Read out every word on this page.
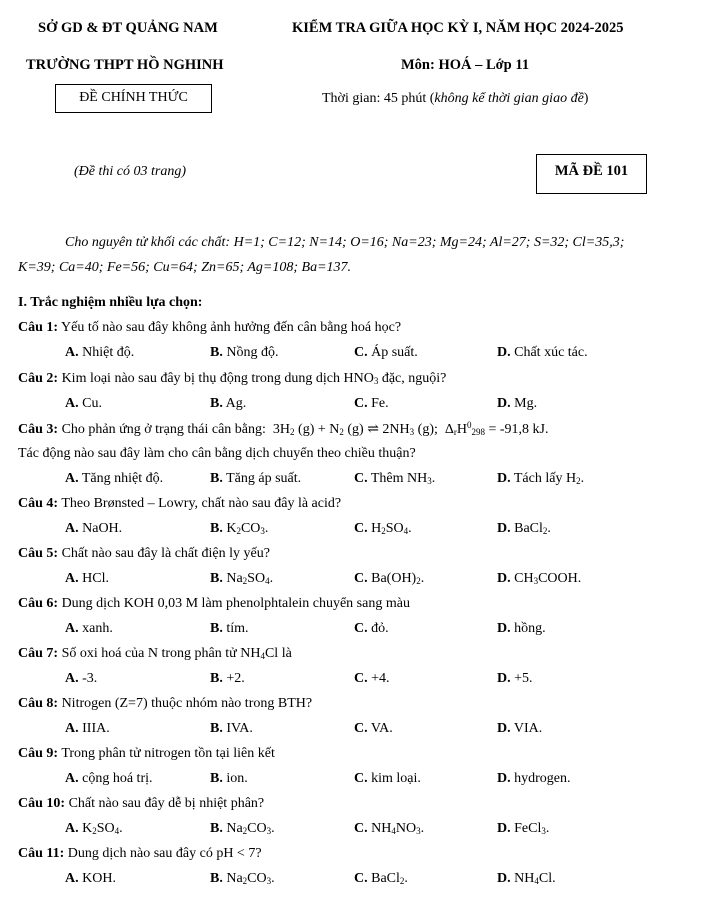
SỞ GD & ĐT QUẢNG NAM	KIỂM TRA GIỮA HỌC KỲ I, NĂM HỌC 2024-2025
TRƯỜNG THPT HỒ NGHINH	Môn: HOÁ – Lớp 11
ĐỀ CHÍNH THỨC	Thời gian: 45 phút (không kể thời gian giao đề)
(Đề thi có 03 trang)	MÃ ĐỀ 101
Cho nguyên tử khối các chất: H=1; C=12; N=14; O=16; Na=23; Mg=24; Al=27; S=32; Cl=35,3;
K=39; Ca=40; Fe=56; Cu=64; Zn=65; Ag=108; Ba=137.
I. Trắc nghiệm nhiều lựa chọn:
Câu 1: Yếu tố nào sau đây không ảnh hưởng đến cân bằng hoá học?
A. Nhiệt độ.	B. Nồng độ.	C. Áp suất.	D. Chất xúc tác.
Câu 2: Kim loại nào sau đây bị thụ động trong dung dịch $HNO_3$ đặc, nguội?
A. Cu.	B. Ag.	C. Fe.	D. Mg.
Câu 3: Cho phản ứng ở trạng thái cân bằng: $3H_2$ $(g) + N_2$ (g) ⇌ $2NH_3$ (g);  $\Delta_rH^0_{298} = -91,8$ kJ.
Tác động nào sau đây làm cho cân bằng dịch chuyển theo chiều thuận?
A. Tăng nhiệt độ.	B. Tăng áp suất.	C. Thêm $NH_3$.	D. Tách lấy $H_2$.
Câu 4: Theo Brønsted – Lowry, chất nào sau đây là acid?
A. NaOH.	B. $K_2CO_3$.	C. $H_2SO_4$.	D. BaCl$_2$.
Câu 5: Chất nào sau đây là chất điện ly yếu?
A. HCl.	B. $Na_2SO_4$.	C. $Ba(OH)_2$.	D. $CH_3COOH$.
Câu 6: Dung dịch KOH 0,03 M làm phenolphtalein chuyển sang màu
A. xanh.	B. tím.	C. đỏ.	D. hồng.
Câu 7: Số oxi hoá của N trong phân tử $NH_4Cl$ là
A. -3.	B. +2.	C. +4.	D. +5.
Câu 8: Nitrogen (Z=7) thuộc nhóm nào trong BTH?
A. IIIA.	B. IVA.	C. VA.	D. VIA.
Câu 9: Trong phân tử nitrogen tồn tại liên kết
A. cộng hoá trị.	B. ion.	C. kim loại.	D. hydrogen.
Câu 10: Chất nào sau đây dễ bị nhiệt phân?
A. $K_2SO_4$.	B. $Na_2CO_3$.	C. $NH_4NO_3$.	D. FeCl$_3$.
Câu 11: Dung dịch nào sau đây có pH < 7?
A. KOH.	B. $Na_2CO_3$.	C. BaCl$_2$.	D. $NH_4Cl$.
